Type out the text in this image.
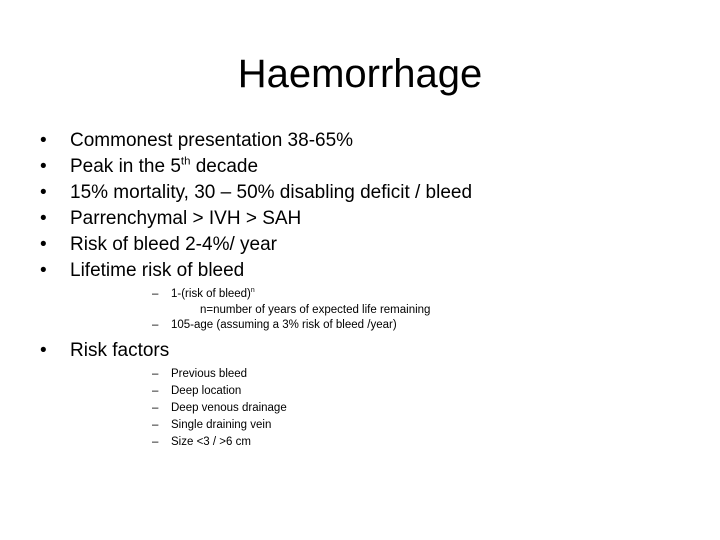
Haemorrhage
• Commonest presentation 38-65%
• Peak in the 5th decade
• 15% mortality, 30 – 50% disabling deficit / bleed
• Parrenchymal > IVH > SAH
• Risk of bleed 2-4%/ year
• Lifetime risk of bleed
– 1-(risk of bleed)$^n$
n=number of years of expected life remaining
– 105-age (assuming a 3% risk of bleed /year)
• Risk factors
– Previous bleed
– Deep location
– Deep venous drainage
– Single draining vein
– Size <3 / >6 cm
